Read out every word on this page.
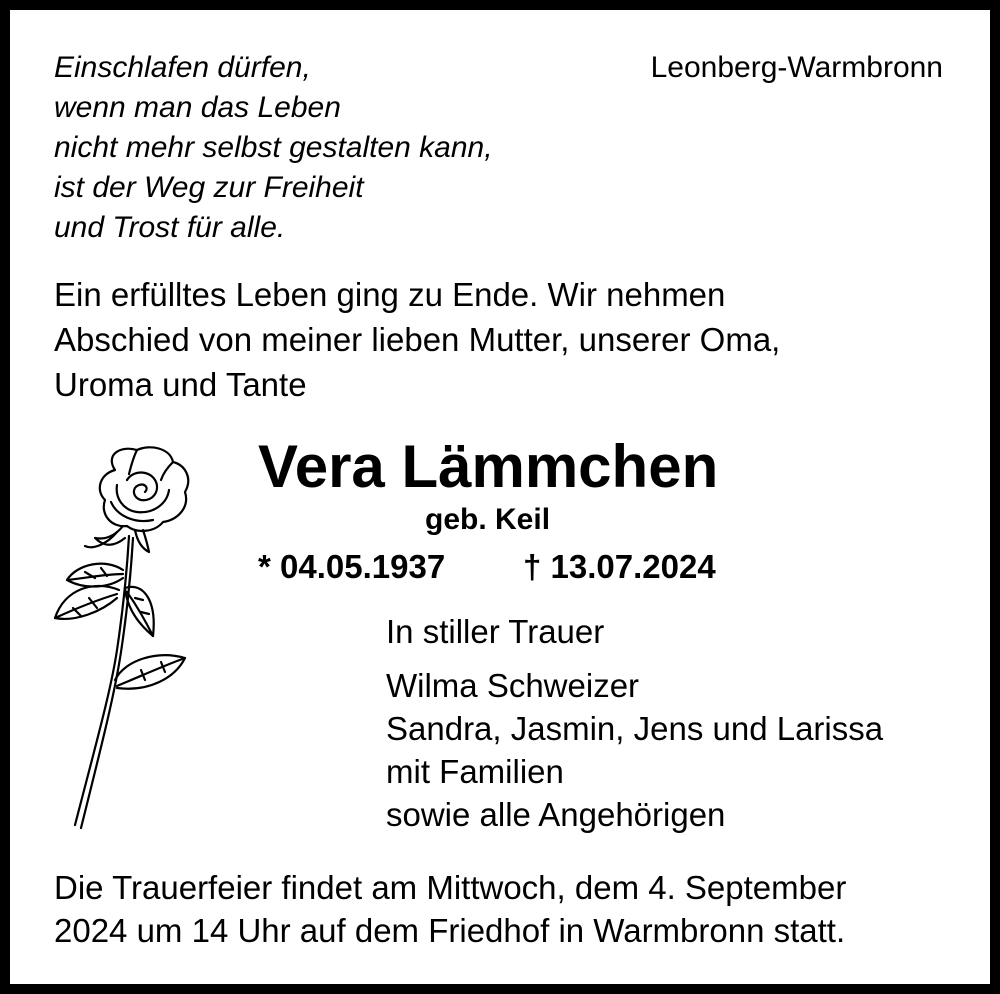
Einschlafen dürfen,
wenn man das Leben
nicht mehr selbst gestalten kann,
ist der Weg zur Freiheit
und Trost für alle.
Leonberg-Warmbronn
Ein erfülltes Leben ging zu Ende. Wir nehmen
Abschied von meiner lieben Mutter, unserer Oma,
Uroma und Tante
Vera Lämmchen
geb. Keil
* 04.05.1937 † 13.07.2024
In stiller Trauer
Wilma Schweizer
Sandra, Jasmin, Jens und Larissa
mit Familien
sowie alle Angehörigen
Die Trauerfeier findet am Mittwoch, dem 4. September
2024 um 14 Uhr auf dem Friedhof in Warmbronn statt.
